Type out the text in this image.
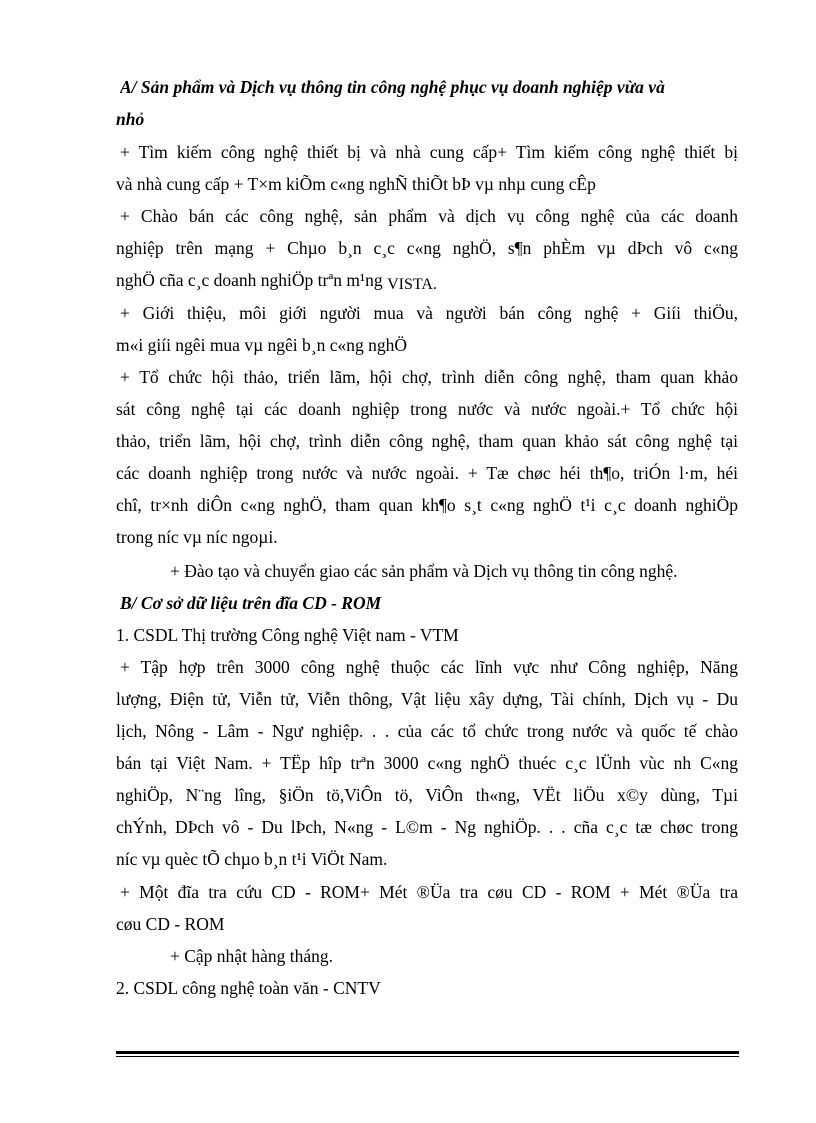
A/ Sản phẩm và Dịch vụ thông tin công nghệ phục vụ doanh nghiệp vừa và
nhỏ
+ Tìm kiếm công nghệ thiết bị và nhà cung cấp+ Tìm kiếm công nghệ thiết bị
và nhà cung cấp + T×m kiÕm c«ng nghÑ thiÕt bÞ vµ nhµ cung cÊp
+ Chào bán các công nghệ, sản phẩm và dịch vụ công nghệ của các doanh
nghiệp trên mạng + Chµo b¸n c¸c c«ng nghÖ, s¶n phÈm vµ dÞch vô c«ng
nghÖ cña c¸c doanh nghiÖp trªn m¹ng VISTA.
+ Giới thiệu, môi giới người mua và người bán công nghệ + Giíi thiÖu,
m«i giíi ngêi mua vµ ngêi b¸n c«ng nghÖ
+ Tổ chức hội thảo, triển lãm, hội chợ, trình diễn công nghệ, tham quan khảo
sát công nghệ tại các doanh nghiệp trong nước và nước ngoài.+ Tổ chức hội
thảo, triển lãm, hội chợ, trình diễn công nghệ, tham quan khảo sát công nghệ tại
các doanh nghiệp trong nước và nước ngoài. + Tæ chøc héi th¶o, triÓn l·m, héi
chî, tr×nh diÔn c«ng nghÖ, tham quan kh¶o s¸t c«ng nghÖ t¹i c¸c doanh nghiÖp
trong níc vµ níc ngoµi.
+ Đào tạo và chuyển giao các sản phẩm và Dịch vụ thông tin công nghệ.
B/ Cơ sở dữ liệu trên đĩa CD - ROM
1. CSDL Thị trường Công nghệ Việt nam - VTM
+ Tập hợp trên 3000 công nghệ thuộc các lĩnh vực như Công nghiệp, Năng
lượng, Điện tử, Viễn tử, Viễn thông, Vật liệu xây dựng, Tài chính, Dịch vụ - Du
lịch, Nông - Lâm - Ngư nghiệp. . . của các tổ chức trong nước và quốc tế chào
bán tại Việt Nam. + TËp hîp trªn 3000 c«ng nghÖ thuéc c¸c lÜnh vùc nh C«ng
nghiÖp, N¨ng lîng, §iÖn tö,ViÔn tö, ViÔn th«ng, VËt liÖu x©y dùng, Tµi
chÝnh, DÞch vô - Du lÞch, N«ng - L©m - Ng nghiÖp. . . cña c¸c tæ chøc trong
níc vµ quèc tÕ chµo b¸n t¹i ViÖt Nam.
+ Một đĩa tra cứu CD - ROM+ Mét ®Üa tra cøu CD - ROM + Mét ®Üa tra
cøu CD - ROM
+ Cập nhật hàng tháng.
2. CSDL công nghệ toàn văn - CNTV
